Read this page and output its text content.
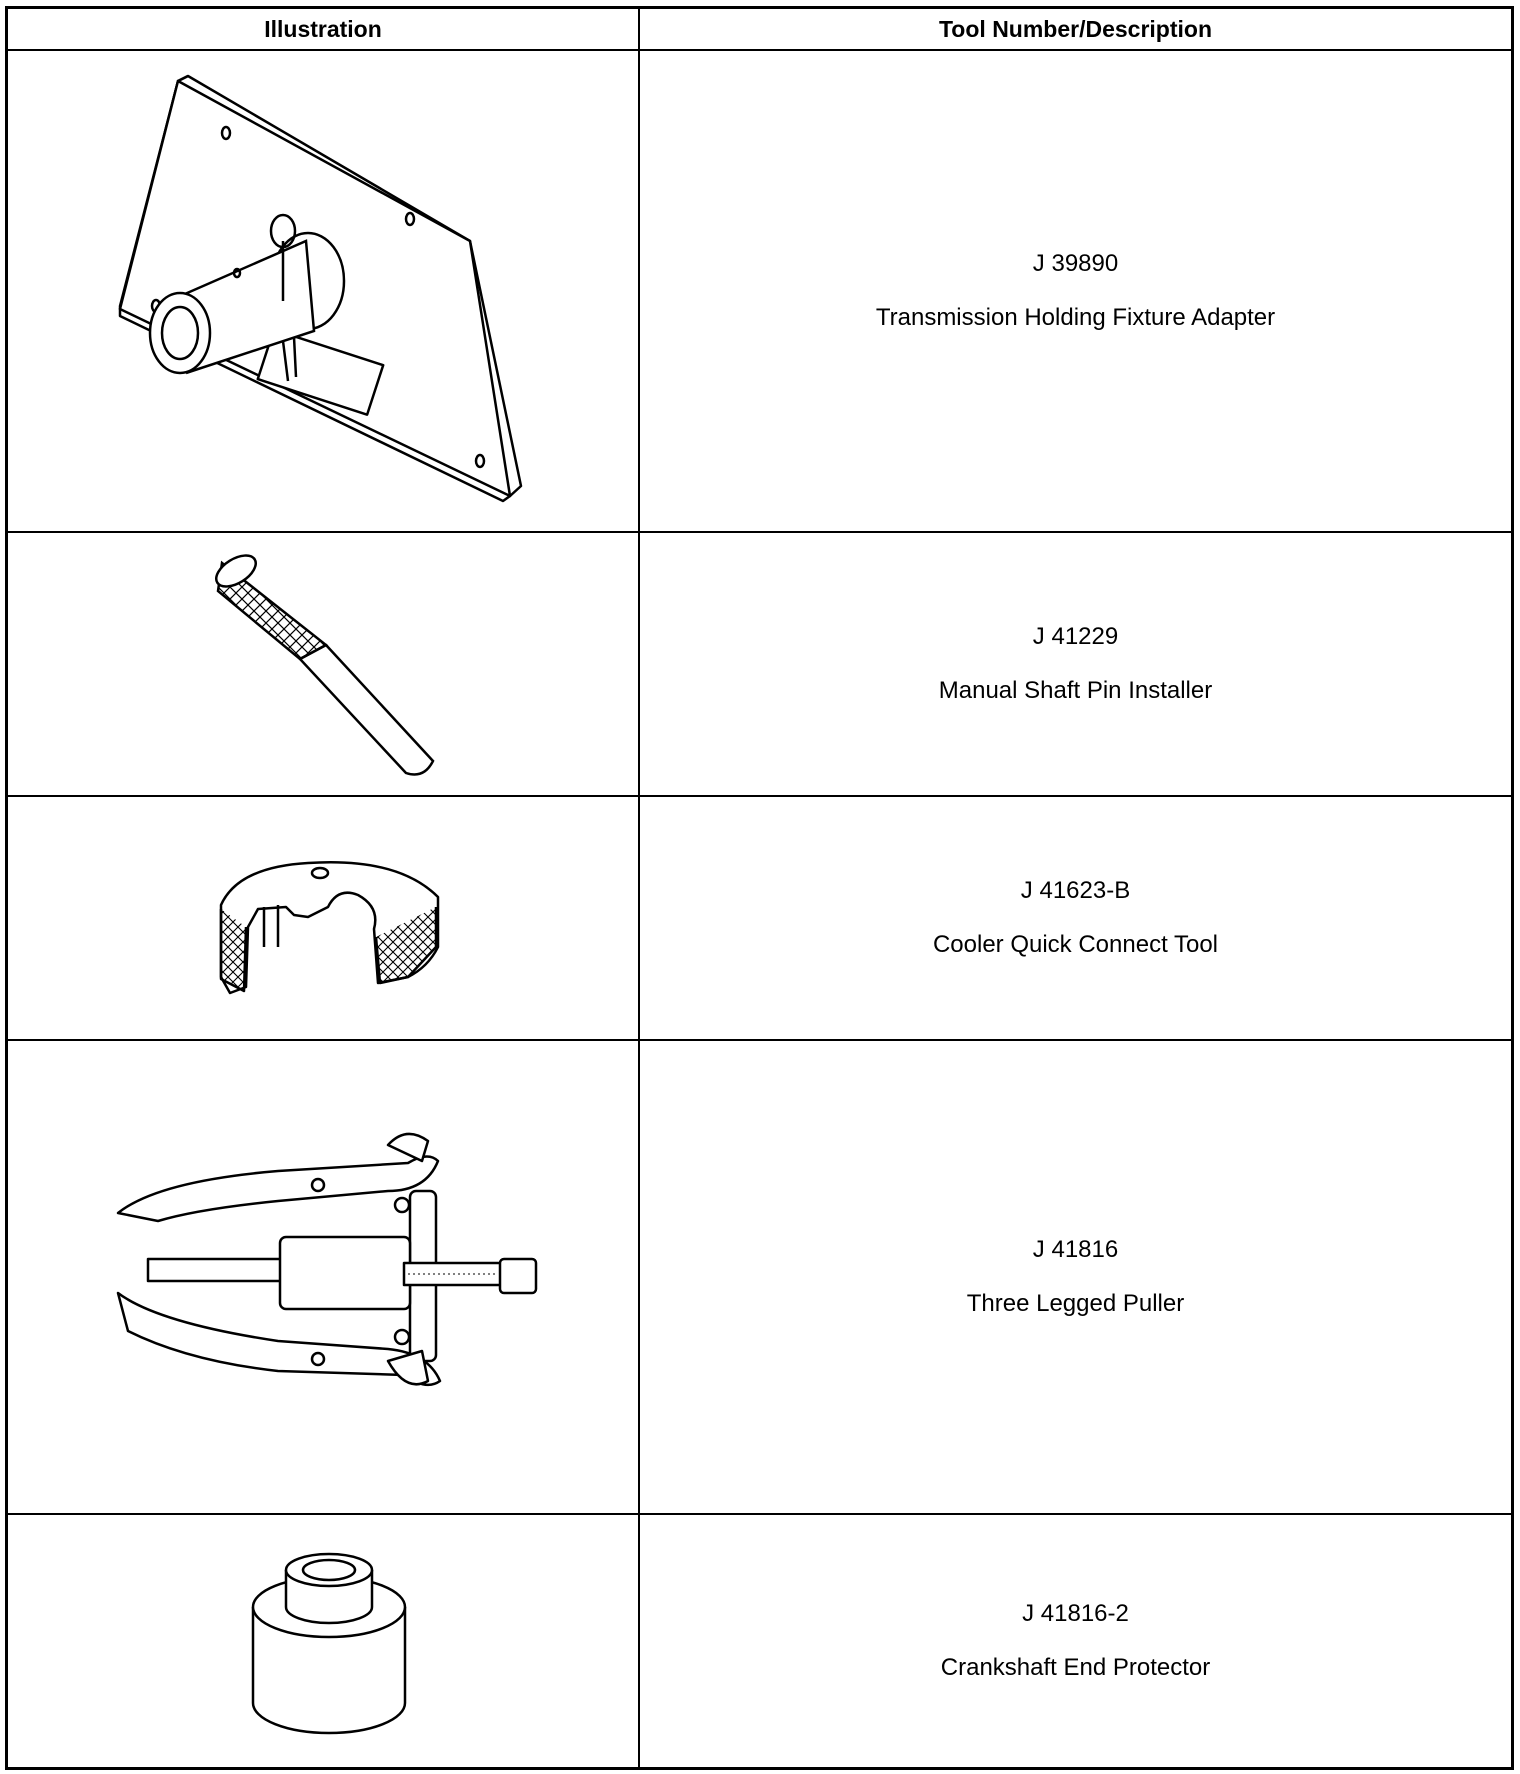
Illustration	Tool Number/Description
J 39890
Transmission Holding Fixture Adapter
J 41229
Manual Shaft Pin Installer
J 41623-B
Cooler Quick Connect Tool
J 41816
Three Legged Puller
J 41816-2
Crankshaft End Protector
